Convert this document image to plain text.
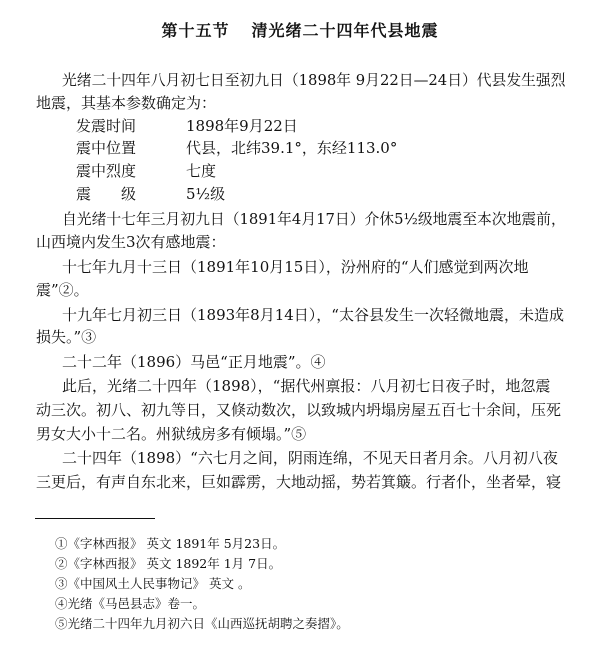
第十五节 清光绪二十四年代县地震
光绪二十四年八月初七日至初九日（1898年 9月22日—24日）代县发生强烈
地震，其基本参数确定为：
发震时间	1898年9月22日
震中位置	代县，北纬39.1°，东经113.0°
震中烈度	七度
震　　级	5½级
自光绪十七年三月初九日（1891年4月17日）介休5½级地震至本次地震前，
山西境内发生3次有感地震：
十七年九月十三日（1891年10月15日），汾州府的“人们感觉到两次地
震”②。
十九年七月初三日（1893年8月14日），“太谷县发生一次轻微地震，未造成
损失。”③
二十二年（1896）马邑“正月地震”。④
此后，光绪二十四年（1898），“据代州禀报：八月初七日夜子时，地忽震
动三次。初八、初九等日，又倏动数次，以致城内坍塌房屋五百七十余间，压死
男女大小十二名。州狱绒房多有倾塌。”⑤
二十四年（1898）“六七月之间，阴雨连绵，不见天日者月余。八月初八夜
三更后，有声自东北来，巨如霹雳，大地动摇，势若箕簸。行者仆，坐者晕，寝
①《字林西报》 英文 1891年 5月23日。
②《字林西报》 英文 1892年 1月 7日。
③《中国风土人民事物记》 英文 。
④光绪《马邑县志》卷一。
⑤光绪二十四年九月初六日《山西巡抚胡聘之奏摺》。
